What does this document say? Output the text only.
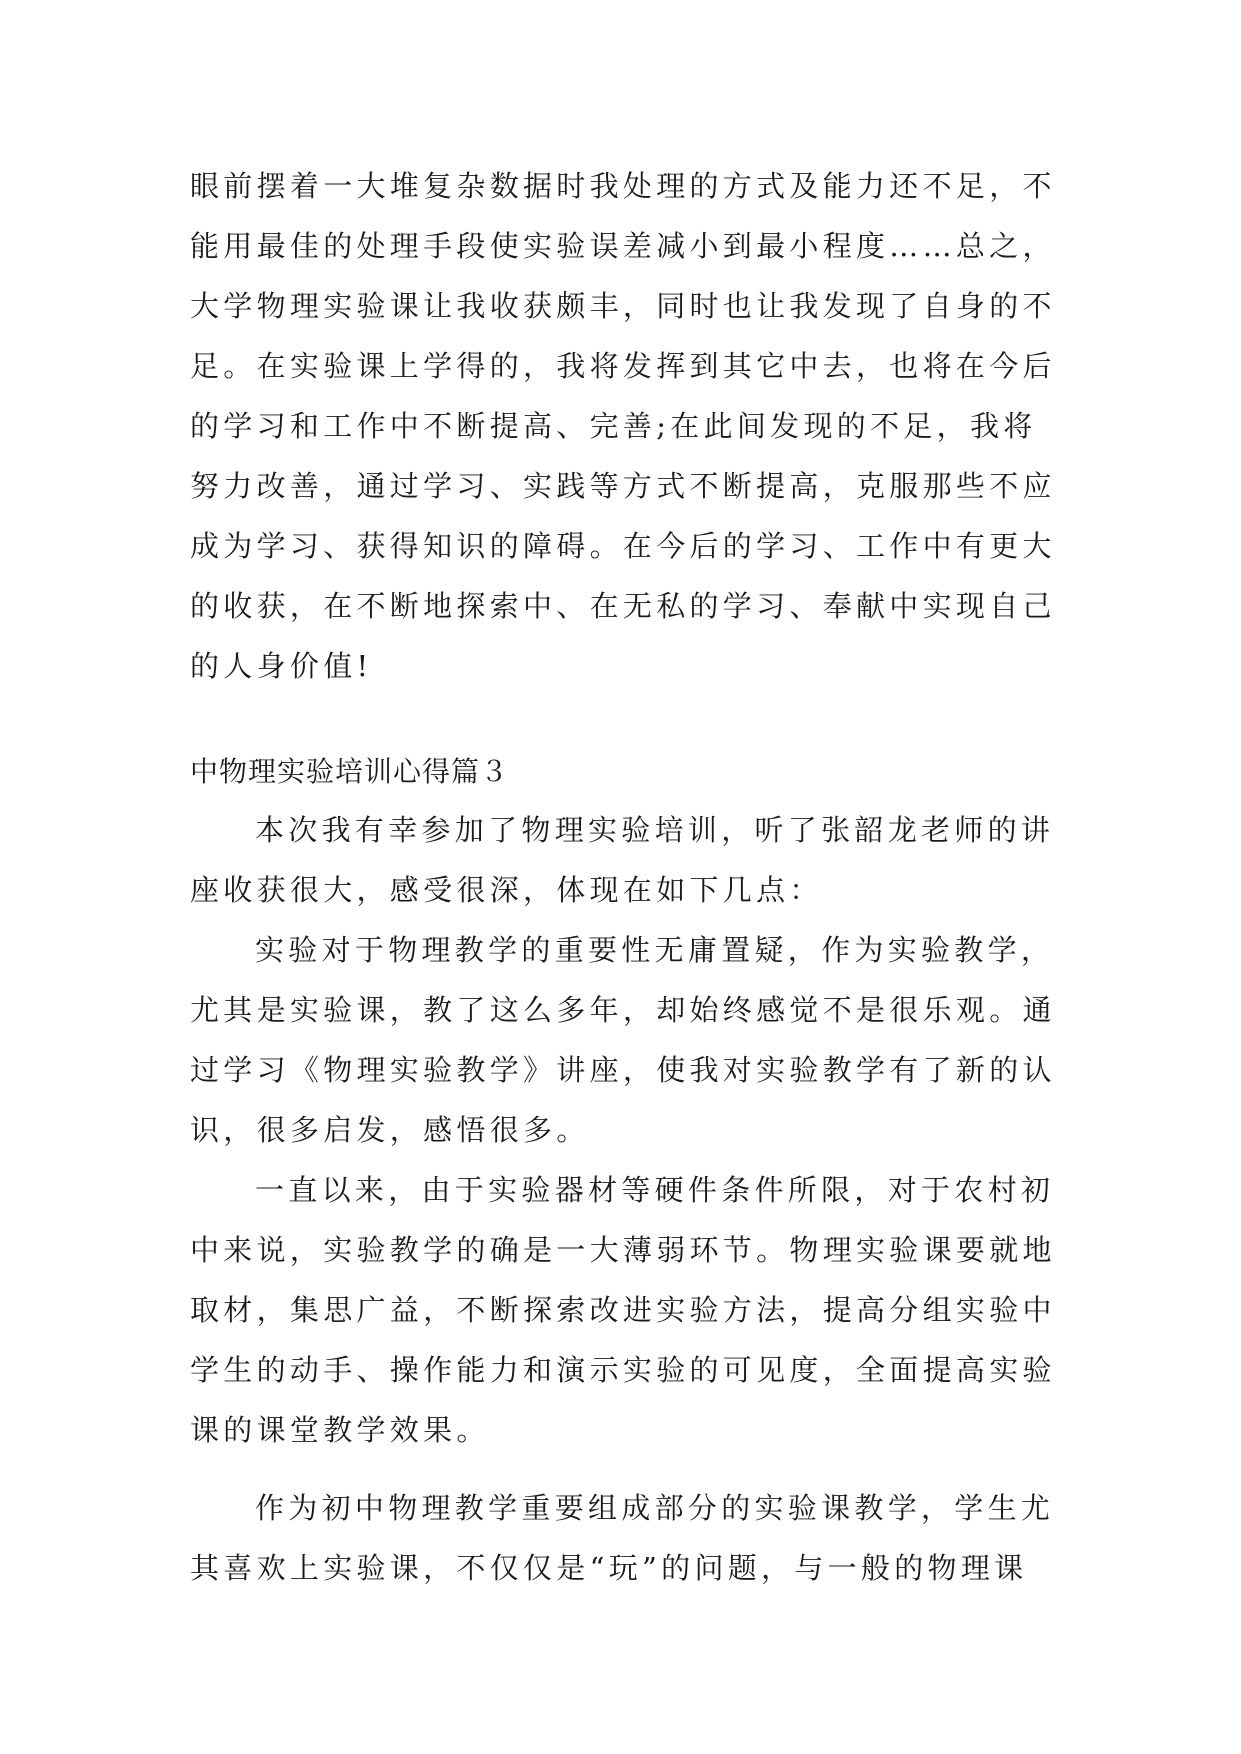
眼前摆着一大堆复杂数据时我处理的方式及能力还不足，不
能用最佳的处理手段使实验误差减小到最小程度……总之，
大学物理实验课让我收获颇丰，同时也让我发现了自身的不
足。在实验课上学得的，我将发挥到其它中去，也将在今后
的学习和工作中不断提高、完善;在此间发现的不足，我将
努力改善，通过学习、实践等方式不断提高，克服那些不应
成为学习、获得知识的障碍。在今后的学习、工作中有更大
的收获，在不断地探索中、在无私的学习、奉献中实现自己
的人身价值!
中物理实验培训心得篇３
本次我有幸参加了物理实验培训，听了张韶龙老师的讲
座收获很大，感受很深，体现在如下几点：
实验对于物理教学的重要性无庸置疑，作为实验教学，
尤其是实验课，教了这么多年，却始终感觉不是很乐观。通
过学习《物理实验教学》讲座，使我对实验教学有了新的认
识，很多启发，感悟很多。
一直以来，由于实验器材等硬件条件所限，对于农村初
中来说，实验教学的确是一大薄弱环节。物理实验课要就地
取材，集思广益，不断探索改进实验方法，提高分组实验中
学生的动手、操作能力和演示实验的可见度，全面提高实验
课的课堂教学效果。
作为初中物理教学重要组成部分的实验课教学，学生尤
其喜欢上实验课，不仅仅是“玩”的问题，与一般的物理课
